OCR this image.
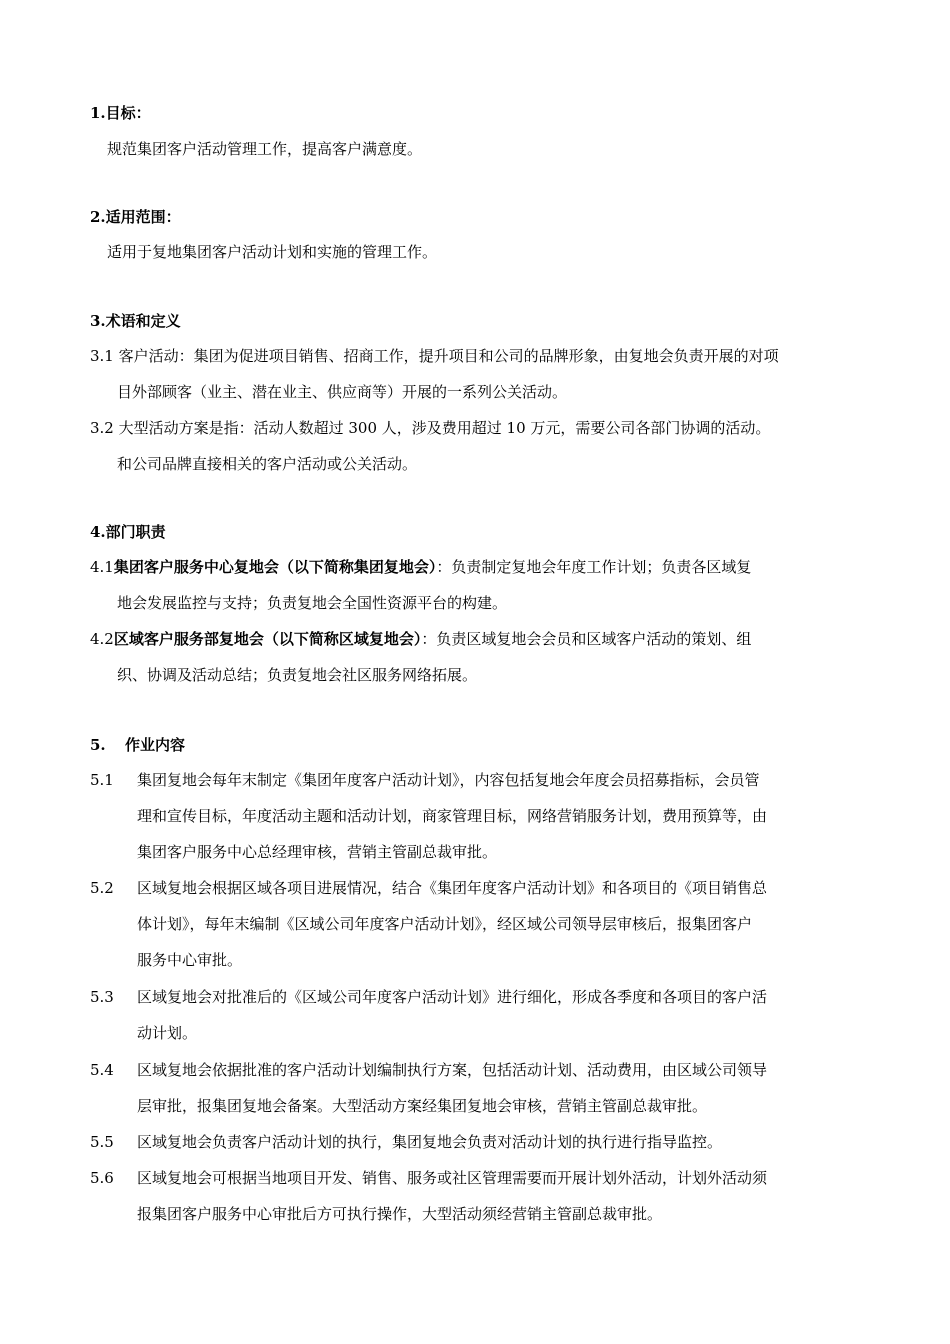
1.目标：
规范集团客户活动管理工作，提高客户满意度。
2.适用范围：
适用于复地集团客户活动计划和实施的管理工作。
3.术语和定义
3.1 客户活动：集团为促进项目销售、招商工作，提升项目和公司的品牌形象，由复地会负责开展的对项
目外部顾客（业主、潜在业主、供应商等）开展的一系列公关活动。
3.2 大型活动方案是指：活动人数超过 300 人，涉及费用超过 10 万元，需要公司各部门协调的活动。
和公司品牌直接相关的客户活动或公关活动。
4.部门职责
4.1集团客户服务中心复地会（以下简称集团复地会）：负责制定复地会年度工作计划；负责各区域复
地会发展监控与支持；负责复地会全国性资源平台的构建。
4.2区域客户服务部复地会（以下简称区域复地会）：负责区域复地会会员和区域客户活动的策划、组
织、协调及活动总结；负责复地会社区服务网络拓展。
5. 作业内容
5.1 集团复地会每年末制定《集团年度客户活动计划》，内容包括复地会年度会员招募指标，会员管
理和宣传目标，年度活动主题和活动计划，商家管理目标，网络营销服务计划，费用预算等，由
集团客户服务中心总经理审核，营销主管副总裁审批。
5.2 区域复地会根据区域各项目进展情况，结合《集团年度客户活动计划》和各项目的《项目销售总
体计划》，每年末编制《区域公司年度客户活动计划》，经区域公司领导层审核后，报集团客户
服务中心审批。
5.3 区域复地会对批准后的《区域公司年度客户活动计划》进行细化，形成各季度和各项目的客户活
动计划。
5.4 区域复地会依据批准的客户活动计划编制执行方案，包括活动计划、活动费用，由区域公司领导
层审批，报集团复地会备案。大型活动方案经集团复地会审核，营销主管副总裁审批。
5.5 区域复地会负责客户活动计划的执行，集团复地会负责对活动计划的执行进行指导监控。
5.6 区域复地会可根据当地项目开发、销售、服务或社区管理需要而开展计划外活动，计划外活动须
报集团客户服务中心审批后方可执行操作，大型活动须经营销主管副总裁审批。
